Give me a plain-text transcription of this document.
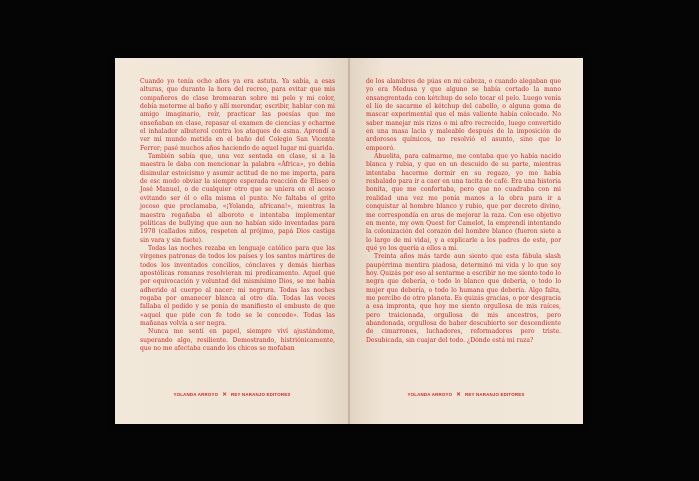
Cuando yo tenía ocho años ya era astuta. Ya sabía, a esas alturas, que durante la hora del recreo, para evitar que mis compañeros de clase bromearan sobre mi pelo y mi color, debía meterme al baño y allí merendar, escribir, hablar con mi amigo imaginario, reír, practicar las poesías que me enseñaban en clase, repasar el examen de ciencias y echarme el inhalador albuterol contra los ataques de asma. Aprendí a ver mi mundo metida en el baño del Colegio San Vicente Ferrer; pasé muchos años haciendo de aquel lugar mi guarida.

También sabía que, una vez sentada en clase, si a la maestra le daba con mencionar la palabra «África», yo debía disimular estoicismo y asumir actitud de no me importa, para de esc modo obviar la siempre esperada reacción de Eliseo o José Manuel, o de cualquier otro que se uniera en el acoso evitando ser él o ella misma el punto. No faltaba el grito jocoso que proclamaba, «¡Yolanda, africana!», mientras la maestra regañaba el alboroto e intentaba implementar políticas de bullying que aun no habían sido inventadas para 1978 (callados niños, respeten al prójimo, papá Dios castiga sin vara y sin fuete).

Todas las noches rezaba en lenguaje católico para que las vírgenes patronas de todos los países y los santos mártires de todos los inventados concilios, cónclaves y demás hierbas apostólicas romanas resolvieran mi predicamento. Aquel que por equivocación y voluntad del mismísimo Dios, se me había adherido al cuerpo al nacer: mi negrura. Todas las noches rogaba por amanecer blanca al otro día. Todas las veces fallaba el pedido y se ponía de manifiesto el embuste de que «aquel que pide con fe todo se le concede». Todas las mañanas volvía a ser negra.

Nunca me sentí en papel, siempre viví ajustándome, superando algo, resiliente. Demostrando, histriónicamente, que no me afectaba cuando los chicos se mofaban

YOLANDA ARROYO ✕ REY NARANJO EDITORES

de los alambres de púas en mi cabeza, o cuando alegaban que yo era Medusa y que alguno se había cortado la mano ensangrentada con kétchup de solo tocar el pelo. Luego venía el lío de sacarme el kétchup del cabello, o alguna goma de mascar experimental que el más valiente había colocado. No saber manejar mis rizos o mi afro recrecido, luego convertido en una masa lacia y maleable después de la imposición de ardorosos químicos, no resolvió el asunto, sino que lo empeoró.

Abuelita, para calmarme, me contaba que yo había nacido blanca y rubia, y que en un descuido de su parte, mientras intentaba hacerme dormir en su regazo, yo me había resbalado para ir a caer en una tacita de café. Era una historia bonita, que me confortaba, pero que no cuadraba con mi realidad una vez me ponía manos a la obra para ir a conquistar al hombre blanco y rubio, que por decreto divino, me correspondía en aras de mejorar la raza. Con ese objetivo en mente, my own Quest for Camelot, la emprendí intentando la colonización del corazón del hombre blanco (fueron siete a lo largo de mi vida), y a explicarle a los padres de este, por qué yo los quería a ellos a mí.

Treinta años más tarde aun siento que esta fábula slash paupérrima mentira piadosa, determinó mi vida y lo que soy hoy. Quizás por eso al sentarme a escribir no me siento todo lo negra que debería, o todo lo blanco que debería, o todo lo mujer que debería, o todo lo humana que debería. Algo falta, me percibo de otro planeta. Es quizás gracias, o por desgracia a esa impronta, que hoy me siento orgullosa de mis raíces, pero traicionada, orgullosa de mis ancestros, pero abandonada, orgullosa de haber descubierto ser descendiente de cimarrones, luchadores, reformadores pero triste. Desubicada, sin cuajar del todo. ¿Dónde está mi raza?

YOLANDA ARROYO ✕ REY NARANJO EDITORES
